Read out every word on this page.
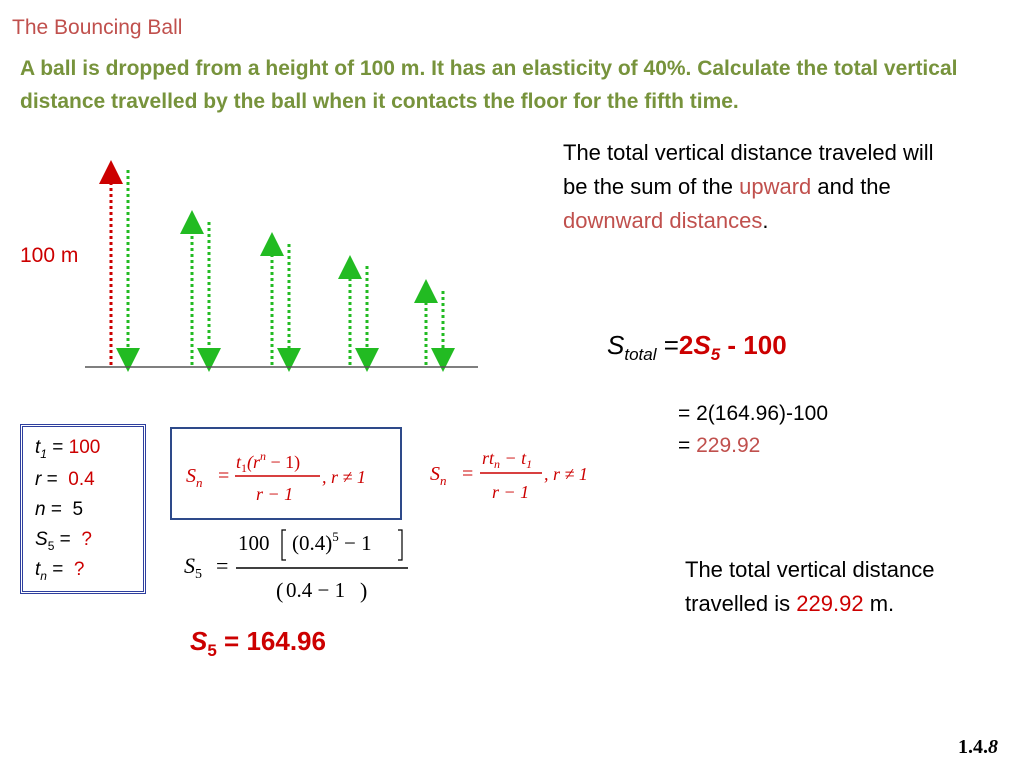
The Bouncing Ball
A ball is dropped from a height of 100 m. It has an elasticity of 40%. Calculate the total vertical distance travelled by the ball when it contacts the floor for the fifth time.
The total vertical distance traveled will be the sum of the upward and the downward distances.
100 m
$t_1 = 100$
r = 0.4
n = 5
$S_5$ = ?
$t_n$ = ?
$S_n$ =
$t_1(r^n - 1)$
r − 1
, r ≠ 1	$S_n$ =
$rt_n - t_1$
r − 1
, r ≠ 1
$S_5$ =
100 $(0.4)^5 - 1$
( 0.4 − 1 )
$S_5 = 164.96$
$S_{total} =2S_5 - 100$
= 2(164.96)-100
= 229.92
The total vertical distance travelled is 229.92 m.
1.4.8
